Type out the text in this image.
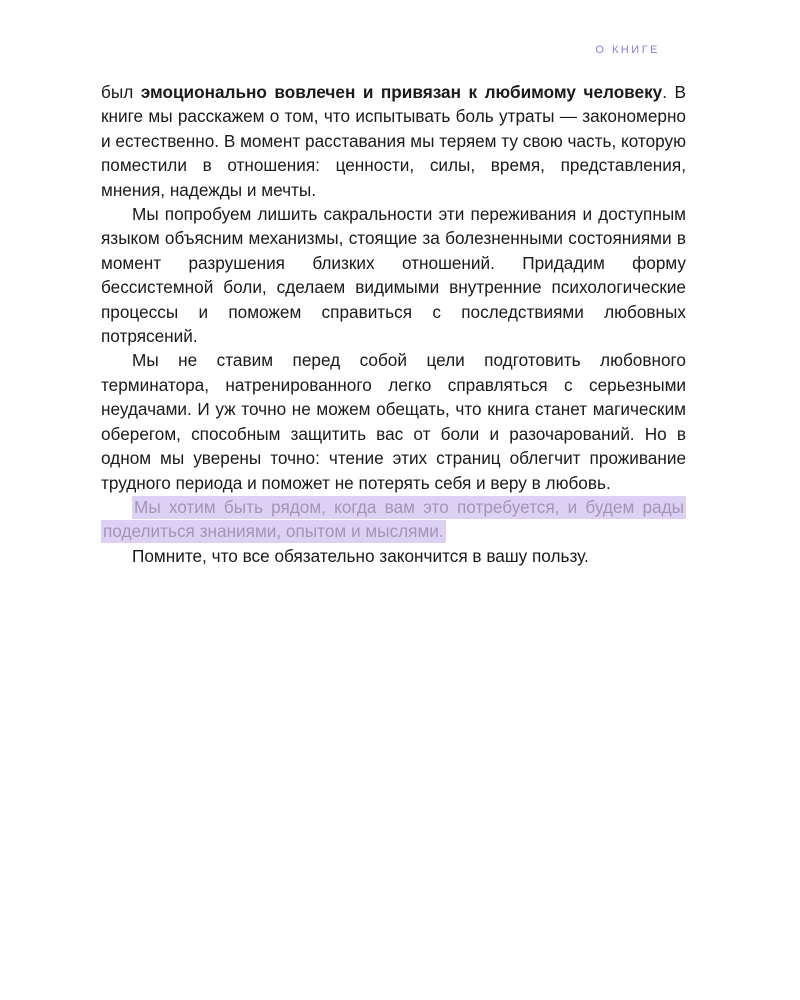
О КНИГЕ

был эмоционально вовлечен и привязан к любимому человеку. В книге мы расскажем о том, что испытывать боль утраты — закономерно и естественно. В момент расставания мы теряем ту свою часть, которую поместили в отношения: ценности, силы, время, представления, мнения, надежды и мечты.

Мы попробуем лишить сакральности эти переживания и доступным языком объясним механизмы, стоящие за болезненными состояниями в момент разрушения близких отношений. Придадим форму бессистемной боли, сделаем видимыми внутренние психологические процессы и поможем справиться с последствиями любовных потрясений.

Мы не ставим перед собой цели подготовить любовного терминатора, натренированного легко справляться с серьезными неудачами. И уж точно не можем обещать, что книга станет магическим оберегом, способным защитить вас от боли и разочарований. Но в одном мы уверены точно: чтение этих страниц облегчит проживание трудного периода и поможет не потерять себя и веру в любовь.

Мы хотим быть рядом, когда вам это потребуется, и будем рады поделиться знаниями, опытом и мыслями.

Помните, что все обязательно закончится в вашу пользу.
